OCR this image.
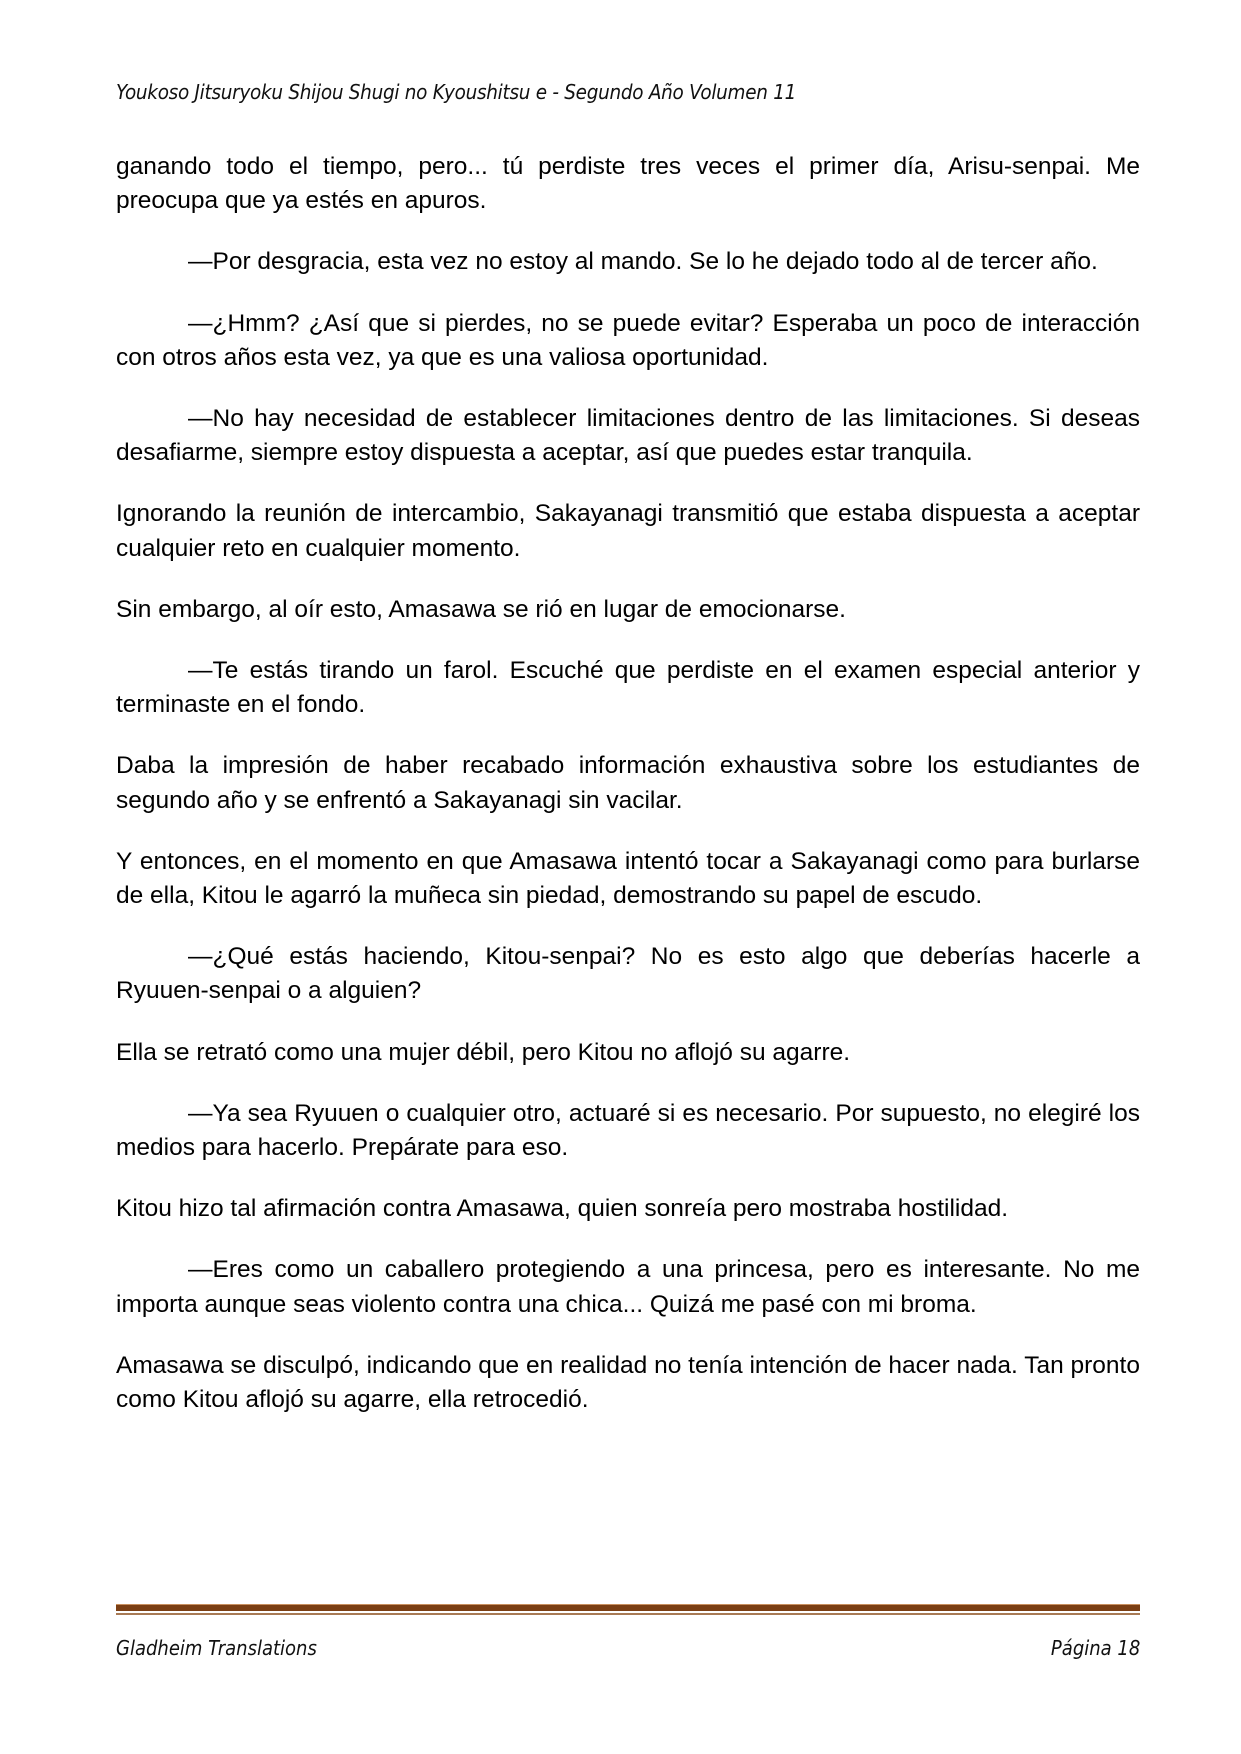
Youkoso Jitsuryoku Shijou Shugi no Kyoushitsu e - Segundo Año Volumen 11

ganando todo el tiempo, pero... tú perdiste tres veces el primer día, Arisu-senpai. Me preocupa que ya estés en apuros.

—Por desgracia, esta vez no estoy al mando. Se lo he dejado todo al de tercer año.

—¿Hmm? ¿Así que si pierdes, no se puede evitar? Esperaba un poco de interacción con otros años esta vez, ya que es una valiosa oportunidad.

—No hay necesidad de establecer limitaciones dentro de las limitaciones. Si deseas desafiarme, siempre estoy dispuesta a aceptar, así que puedes estar tranquila.

Ignorando la reunión de intercambio, Sakayanagi transmitió que estaba dispuesta a aceptar cualquier reto en cualquier momento.

Sin embargo, al oír esto, Amasawa se rió en lugar de emocionarse.

—Te estás tirando un farol. Escuché que perdiste en el examen especial anterior y terminaste en el fondo.

Daba la impresión de haber recabado información exhaustiva sobre los estudiantes de segundo año y se enfrentó a Sakayanagi sin vacilar.

Y entonces, en el momento en que Amasawa intentó tocar a Sakayanagi como para burlarse de ella, Kitou le agarró la muñeca sin piedad, demostrando su papel de escudo.

—¿Qué estás haciendo, Kitou-senpai? No es esto algo que deberías hacerle a Ryuuen-senpai o a alguien?

Ella se retrató como una mujer débil, pero Kitou no aflojó su agarre.

—Ya sea Ryuuen o cualquier otro, actuaré si es necesario. Por supuesto, no elegiré los medios para hacerlo. Prepárate para eso.

Kitou hizo tal afirmación contra Amasawa, quien sonreía pero mostraba hostilidad.

—Eres como un caballero protegiendo a una princesa, pero es interesante. No me importa aunque seas violento contra una chica... Quizá me pasé con mi broma.

Amasawa se disculpó, indicando que en realidad no tenía intención de hacer nada. Tan pronto como Kitou aflojó su agarre, ella retrocedió.

Gladheim Translations	Página 18
